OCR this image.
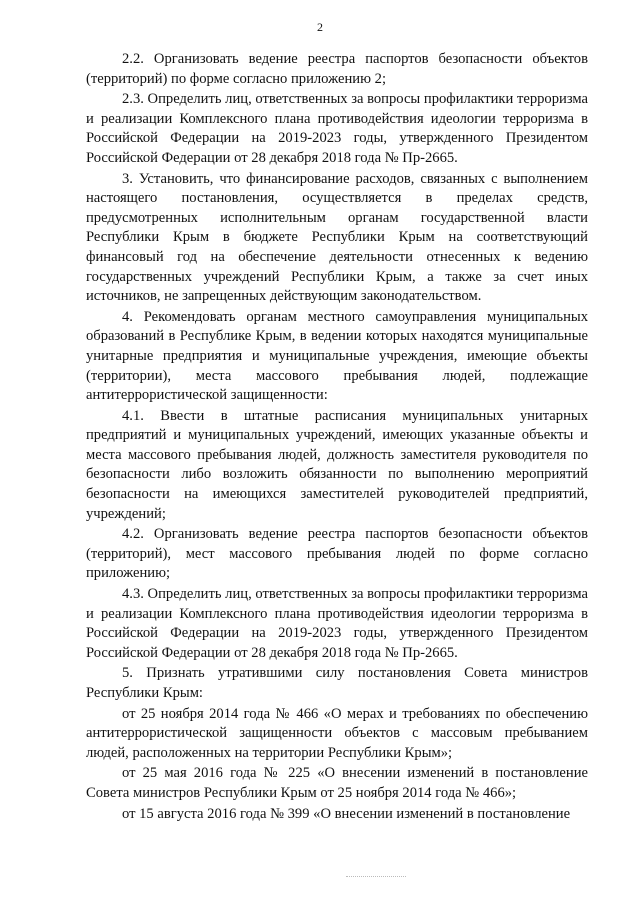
2

2.2. Организовать ведение реестра паспортов безопасности объектов (территорий) по форме согласно приложению 2;

2.3. Определить лиц, ответственных за вопросы профилактики терроризма и реализации Комплексного плана противодействия идеологии терроризма в Российской Федерации на 2019-2023 годы, утвержденного Президентом Российской Федерации от 28 декабря 2018 года № Пр-2665.

3. Установить, что финансирование расходов, связанных с выполнением настоящего постановления, осуществляется в пределах средств, предусмотренных исполнительным органам государственной власти Республики Крым в бюджете Республики Крым на соответствующий финансовый год на обеспечение деятельности отнесенных к ведению государственных учреждений Республики Крым, а также за счет иных источников, не запрещенных действующим законодательством.

4. Рекомендовать органам местного самоуправления муниципальных образований в Республике Крым, в ведении которых находятся муниципальные унитарные предприятия и муниципальные учреждения, имеющие объекты (территории), места массового пребывания людей, подлежащие антитеррористической защищенности:

4.1. Ввести в штатные расписания муниципальных унитарных предприятий и муниципальных учреждений, имеющих указанные объекты и места массового пребывания людей, должность заместителя руководителя по безопасности либо возложить обязанности по выполнению мероприятий безопасности на имеющихся заместителей руководителей предприятий, учреждений;

4.2. Организовать ведение реестра паспортов безопасности объектов (территорий), мест массового пребывания людей по форме согласно приложению;

4.3. Определить лиц, ответственных за вопросы профилактики терроризма и реализации Комплексного плана противодействия идеологии терроризма в Российской Федерации на 2019-2023 годы, утвержденного Президентом Российской Федерации от 28 декабря 2018 года № Пр-2665.

5. Признать утратившими силу постановления Совета министров Республики Крым:

от 25 ноября 2014 года № 466 «О мерах и требованиях по обеспечению антитеррористической защищенности объектов с массовым пребыванием людей, расположенных на территории Республики Крым»;

от 25 мая 2016 года № 225 «О внесении изменений в постановление Совета министров Республики Крым от 25 ноября 2014 года № 466»;

от 15 августа 2016 года № 399 «О внесении изменений в постановление
